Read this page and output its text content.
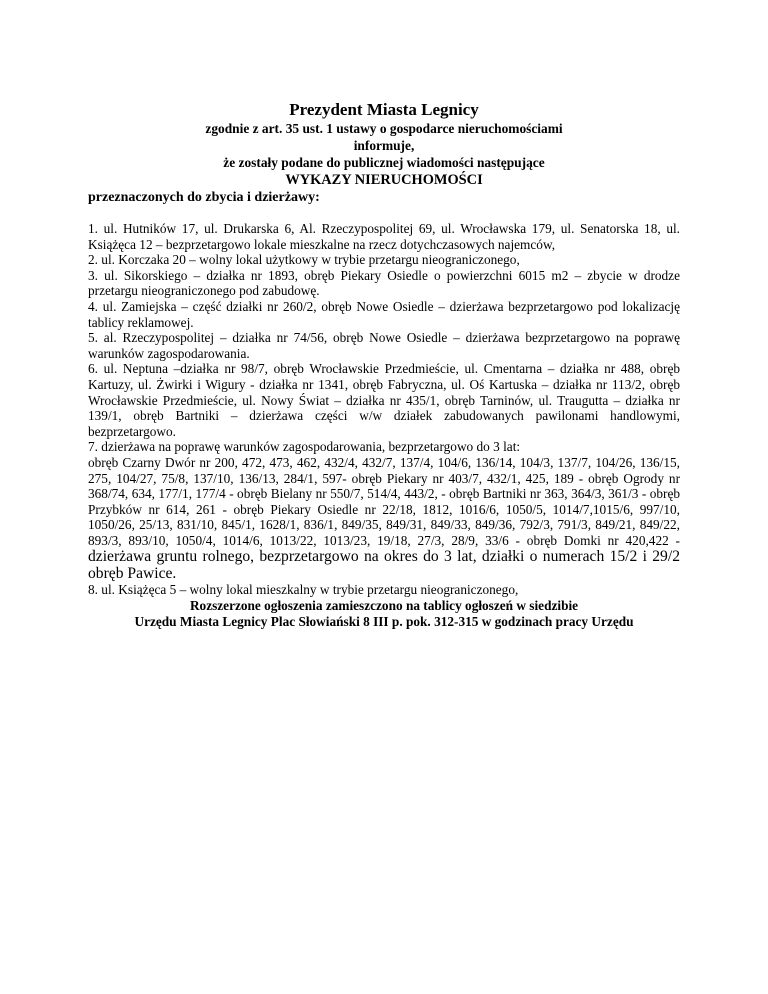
Prezydent Miasta Legnicy
zgodnie z art. 35 ust. 1 ustawy o gospodarce nieruchomościami
informuje,
że zostały podane do publicznej wiadomości następujące
WYKAZY NIERUCHOMOŚCI
przeznaczonych do zbycia i dzierżawy:

1. ul. Hutników 17, ul. Drukarska 6, Al. Rzeczypospolitej 69, ul. Wrocławska 179, ul. Senatorska 18, ul. Książęca 12 – bezprzetargowo lokale mieszkalne na rzecz dotychczasowych najemców,

2. ul. Korczaka 20 – wolny lokal użytkowy w trybie przetargu nieograniczonego,

3. ul. Sikorskiego – działka nr 1893, obręb Piekary Osiedle o powierzchni 6015 m2 – zbycie w drodze przetargu nieograniczonego pod zabudowę.

4. ul. Zamiejska – część działki nr 260/2, obręb Nowe Osiedle – dzierżawa bezprzetargowo pod lokalizację tablicy reklamowej.

5. al. Rzeczypospolitej – działka nr 74/56, obręb Nowe Osiedle – dzierżawa bezprzetargowo na poprawę warunków zagospodarowania.

6. ul. Neptuna –działka nr 98/7, obręb Wrocławskie Przedmieście, ul. Cmentarna – działka nr 488, obręb Kartuzy, ul. Żwirki i Wigury - działka nr 1341, obręb Fabryczna, ul. Oś Kartuska – działka nr 113/2, obręb Wrocławskie Przedmieście, ul. Nowy Świat – działka nr 435/1, obręb Tarninów, ul. Traugutta – działka nr 139/1, obręb Bartniki – dzierżawa części w/w działek zabudowanych pawilonami handlowymi, bezprzetargowo.

7. dzierżawa na poprawę warunków zagospodarowania, bezprzetargowo do 3 lat:

obręb Czarny Dwór nr 200, 472, 473, 462, 432/4, 432/7, 137/4, 104/6, 136/14, 104/3, 137/7, 104/26, 136/15, 275, 104/27, 75/8, 137/10, 136/13, 284/1, 597- obręb Piekary nr 403/7, 432/1, 425, 189 - obręb Ogrody nr 368/74, 634, 177/1, 177/4 - obręb Bielany nr 550/7, 514/4, 443/2, - obręb Bartniki nr 363, 364/3, 361/3 - obręb Przybków nr 614, 261 - obręb Piekary Osiedle nr 22/18, 1812, 1016/6, 1050/5, 1014/7,1015/6, 997/10, 1050/26, 25/13, 831/10, 845/1, 1628/1, 836/1, 849/35, 849/31, 849/33, 849/36, 792/3, 791/3, 849/21, 849/22, 893/3, 893/10, 1050/4, 1014/6, 1013/22, 1013/23, 19/18, 27/3, 28/9, 33/6 - obręb Domki nr 420,422 - dzierżawa gruntu rolnego, bezprzetargowo na okres do 3 lat, działki o numerach 15/2 i 29/2 obręb Pawice.

8. ul. Książęca 5 – wolny lokal mieszkalny w trybie przetargu nieograniczonego,

Rozszerzone ogłoszenia zamieszczono na tablicy ogłoszeń w siedzibie
Urzędu Miasta Legnicy Plac Słowiański 8 III p. pok. 312-315 w godzinach pracy Urzędu
